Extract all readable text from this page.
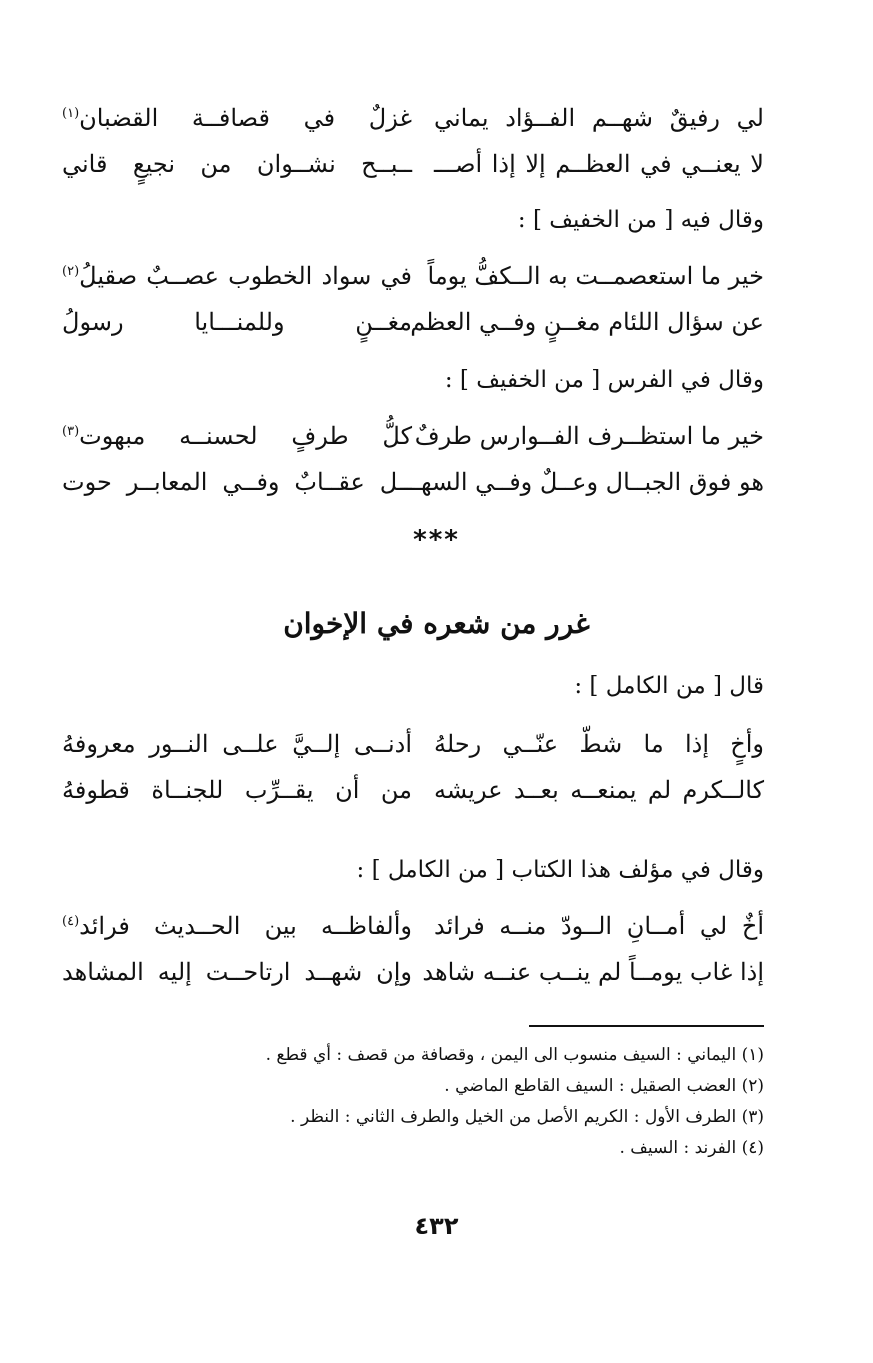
لي رفيقٌ شهــم الفــؤاد يماني
غزلٌ في قصافــة القضبان$^{(١)}$
لا يعنــي في العظــم إلا إذا أصـــ
ــبــح نشــوان من نجيعٍ قاني
وقال فيه [ من الخفيف ] :
خير ما استعصمــت به الــكفُّ يوماً
في سواد الخطوب عصــبٌ صقيلُ$^{(٢)}$
عن سؤال اللئام مغــنٍ وفــي العظم
مغــنٍ وللمنـــايا رسولُ
وقال في الفرس [ من الخفيف ] :
خير ما استظــرف الفــوارس طرفٌ
كلُّ طرفٍ لحسنــه مبهوت$^{(٣)}$
هو فوق الجبــال وعــلٌ وفــي السهـــ
ــل عقــابٌ وفــي المعابــر حوت
***
غرر من شعره في الإخوان
قال [ من الكامل ] :
وأخٍ إذا ما شطّ عنّــي رحلهُ
أدنــى إلــيَّ علــى النــور معروفهُ
كالــكرم لم يمنعــه بعــد عريشه
من أن يقــرِّب للجنــاة قطوفهُ
وقال في مؤلف هذا الكتاب [ من الكامل ] :
أخٌ لي أمــانِ الــودّ منــه فرائد
وألفاظــه بين الحــديث فرائد$^{(٤)}$
إذا غاب يومــاً لم ينــب عنــه شاهد
وإن شهــد ارتاحــت إليه المشاهد
(١) اليماني : السيف منسوب الى اليمن ، وقصافة من قصف : أي قطع .
(٢) العضب الصقيل : السيف القاطع الماضي .
(٣) الطرف الأول : الكريم الأصل من الخيل والطرف الثاني : النظر .
(٤) الفرند : السيف .
٤٣٢
